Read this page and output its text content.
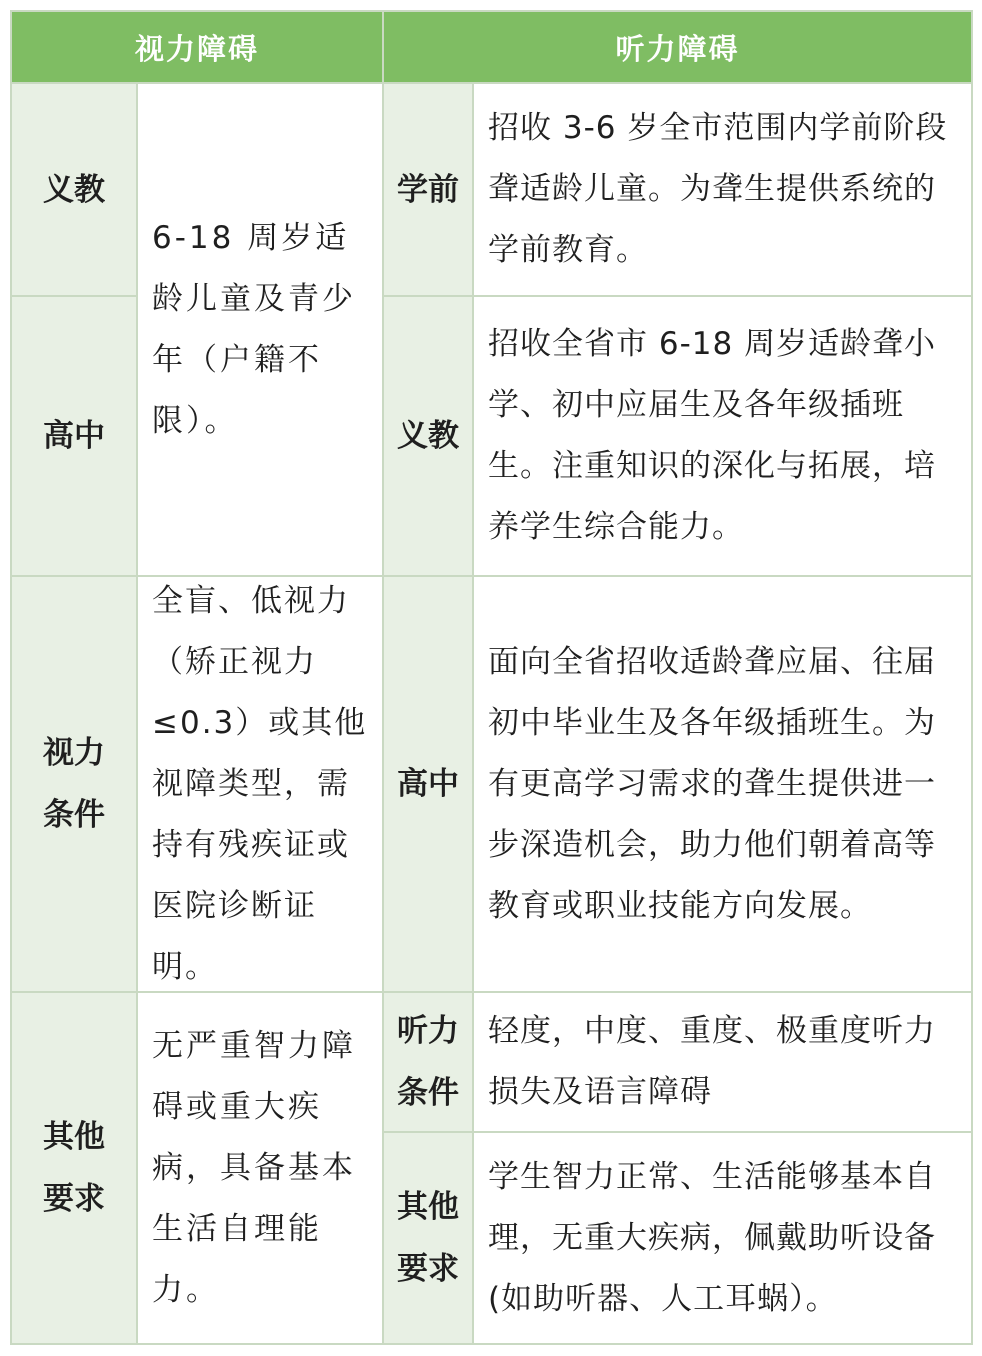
视力障碍	听力障碍
义教
高中
视力
条件
其他
要求
6-18 周岁适龄儿童及青少年（户籍不限）。
全盲、低视力（矫正视力≤0.3）或其他视障类型，需持有残疾证或医院诊断证明。
无严重智力障碍或重大疾病，具备基本生活自理能力。
学前
义教
高中
听力
条件
其他
要求
招收 3-6 岁全市范围内学前阶段聋适龄儿童。为聋生提供系统的学前教育。
招收全省市 6-18 周岁适龄聋小学、初中应届生及各年级插班生。注重知识的深化与拓展，培养学生综合能力。
面向全省招收适龄聋应届、往届初中毕业生及各年级插班生。为有更高学习需求的聋生提供进一步深造机会，助力他们朝着高等教育或职业技能方向发展。
轻度，中度、重度、极重度听力损失及语言障碍
学生智力正常、生活能够基本自理，无重大疾病，佩戴助听设备(如助听器、人工耳蜗）。
